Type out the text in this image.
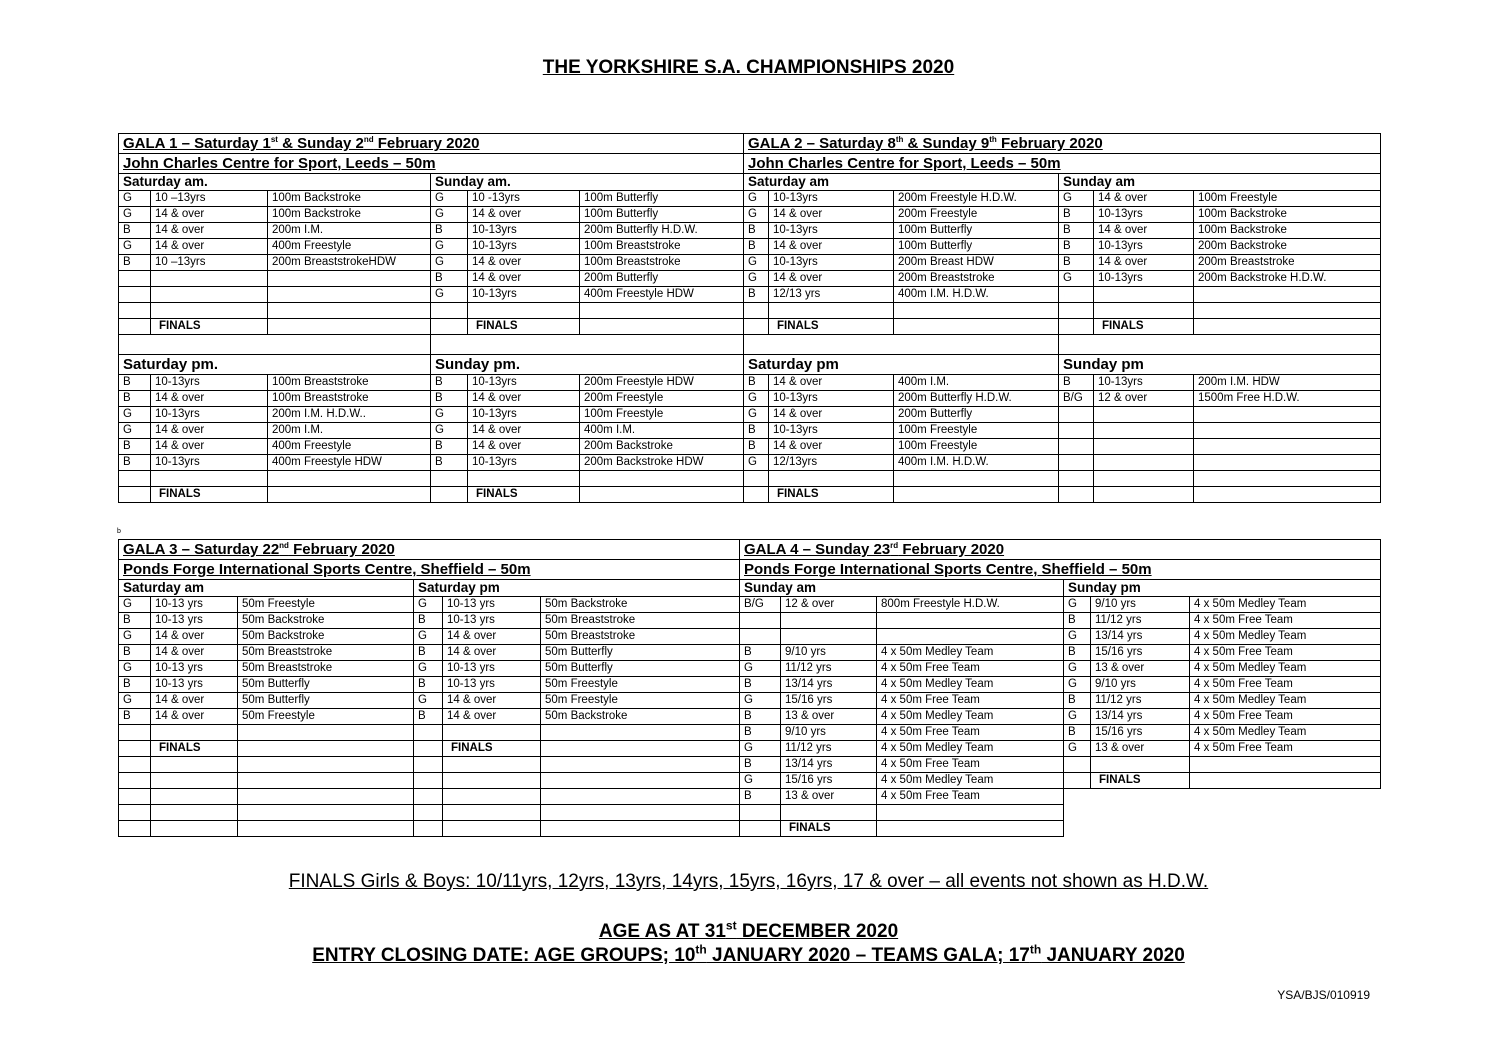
THE YORKSHIRE S.A. CHAMPIONSHIPS 2020
GALA 1 – Saturday 1st & Sunday 2nd February 2020						GALA 2 – Saturday 8th & Sunday 9th February 2020					
John Charles Centre for Sport, Leeds – 50m						John Charles Centre for Sport, Leeds – 50m					
Saturday am.			Sunday am.			Saturday am			Sunday am		
G	10 –13yrs	100m Backstroke	G	10 -13yrs	100m Butterfly	G	10-13yrs	200m Freestyle H.D.W.	G	14 & over	100m Freestyle
G	14 & over	100m Backstroke	G	14 & over	100m Butterfly	G	14 & over	200m Freestyle	B	10-13yrs	100m Backstroke
B	14 & over	200m I.M.	B	10-13yrs	200m Butterfly H.D.W.	B	10-13yrs	100m Butterfly	B	14 & over	100m Backstroke
G	14 & over	400m Freestyle	G	10-13yrs	100m Breaststroke	B	14 & over	100m Butterfly	B	10-13yrs	200m Backstroke
B	10 –13yrs	200m BreaststrokeHDW	G	14 & over	100m Breaststroke	G	10-13yrs	200m Breast HDW	B	14 & over	200m Breaststroke
			B	14 & over	200m Butterfly	G	14 & over	200m Breaststroke	G	10-13yrs	200m Backstroke H.D.W.
			G	10-13yrs	400m Freestyle HDW	B	12/13 yrs	400m I.M. H.D.W.			

	FINALS			FINALS			FINALS			FINALS	

Saturday pm.			Sunday pm.			Saturday pm			Sunday pm		
B	10-13yrs	100m Breaststroke	B	10-13yrs	200m Freestyle HDW	B	14 & over	400m I.M.	B	10-13yrs	200m I.M. HDW
B	14 & over	100m Breaststroke	B	14 & over	200m Freestyle	G	10-13yrs	200m Butterfly H.D.W.	B/G	12 & over	1500m Free H.D.W.
G	10-13yrs	200m I.M. H.D.W..	G	10-13yrs	100m Freestyle	G	14 & over	200m Butterfly			
G	14 & over	200m I.M.	G	14 & over	400m I.M.	B	10-13yrs	100m Freestyle			
B	14 & over	400m Freestyle	B	14 & over	200m Backstroke	B	14 & over	100m Freestyle			
B	10-13yrs	400m Freestyle HDW	B	10-13yrs	200m Backstroke HDW	G	12/13yrs	400m I.M. H.D.W.			

	FINALS			FINALS			FINALS				
b
GALA 3 – Saturday 22nd February 2020						GALA 4 – Sunday 23rd February 2020					
Ponds Forge International Sports Centre, Sheffield – 50m						Ponds Forge International Sports Centre, Sheffield – 50m					
Saturday am			Saturday pm			Sunday am			Sunday pm		
G	10-13 yrs	50m Freestyle	G	10-13 yrs	50m Backstroke	B/G	12 & over	800m Freestyle H.D.W.	G	9/10 yrs	4 x 50m Medley Team
B	10-13 yrs	50m Backstroke	B	10-13 yrs	50m Breaststroke				B	11/12 yrs	4 x 50m Free Team
G	14 & over	50m Backstroke	G	14 & over	50m Breaststroke				G	13/14 yrs	4 x 50m Medley Team
B	14 & over	50m Breaststroke	B	14 & over	50m Butterfly	B	9/10 yrs	4 x 50m Medley Team	B	15/16 yrs	4 x 50m Free Team
G	10-13 yrs	50m Breaststroke	G	10-13 yrs	50m Butterfly	G	11/12 yrs	4 x 50m Free Team	G	13 & over	4 x 50m Medley Team
B	10-13 yrs	50m Butterfly	B	10-13 yrs	50m Freestyle	B	13/14 yrs	4 x 50m Medley Team	G	9/10 yrs	4 x 50m Free Team
G	14 & over	50m Butterfly	G	14 & over	50m Freestyle	G	15/16 yrs	4 x 50m Free Team	B	11/12 yrs	4 x 50m Medley Team
B	14 & over	50m Freestyle	B	14 & over	50m Backstroke	B	13 & over	4 x 50m Medley Team	G	13/14 yrs	4 x 50m Free Team
						B	9/10 yrs	4 x 50m Free Team	B	15/16 yrs	4 x 50m Medley Team
	FINALS			FINALS		G	11/12 yrs	4 x 50m Medley Team	G	13 & over	4 x 50m Free Team
						B	13/14 yrs	4 x 50m Free Team			
						G	15/16 yrs	4 x 50m Medley Team		FINALS	
						B	13 & over	4 x 50m Free Team			

							FINALS				
FINALS Girls & Boys: 10/11yrs, 12yrs, 13yrs, 14yrs, 15yrs, 16yrs, 17 & over – all events not shown as H.D.W.
AGE AS AT 31st DECEMBER 2020
ENTRY CLOSING DATE: AGE GROUPS; 10th JANUARY 2020 – TEAMS GALA; 17th JANUARY 2020
YSA/BJS/010919
